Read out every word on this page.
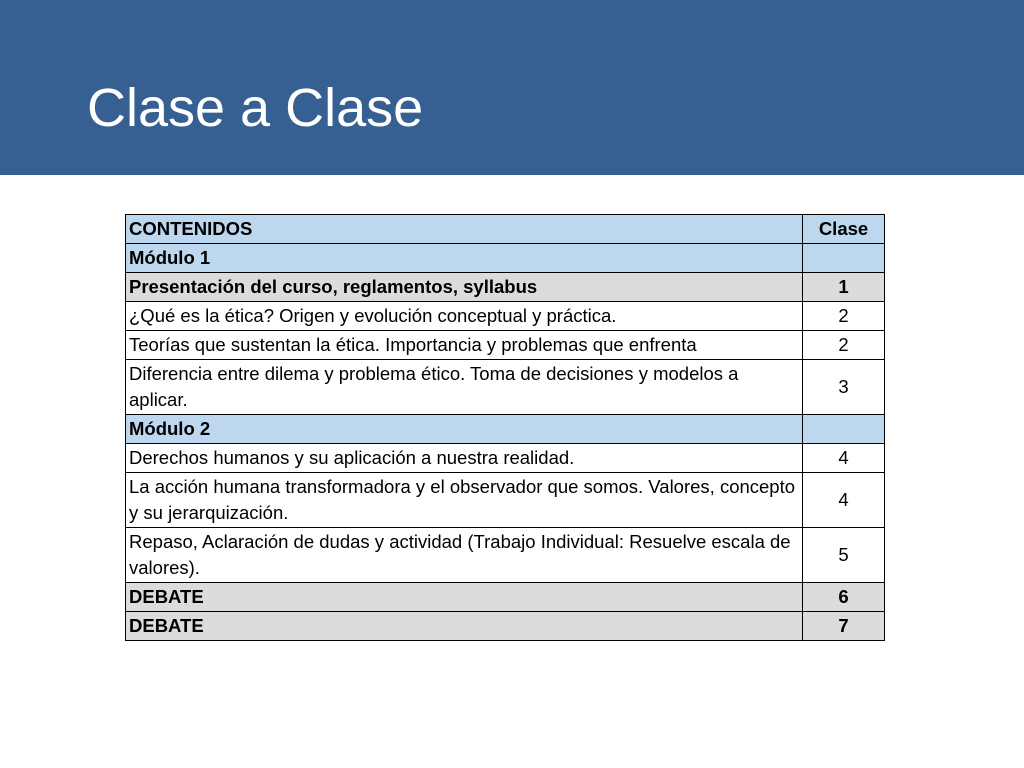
Clase a Clase
CONTENIDOS	Clase
Módulo 1	
Presentación del curso, reglamentos, syllabus	1
¿Qué es la ética? Origen y evolución conceptual y práctica.	2
Teorías que sustentan la ética. Importancia y problemas que enfrenta	2
Diferencia entre dilema y problema ético. Toma de decisiones y modelos a aplicar.	3
Módulo 2	
Derechos humanos y su aplicación a nuestra realidad.	4
La acción humana transformadora y el observador que somos. Valores, concepto y su jerarquización.	4
Repaso, Aclaración de dudas y actividad (Trabajo Individual: Resuelve escala de valores).	5
DEBATE	6
DEBATE	7
